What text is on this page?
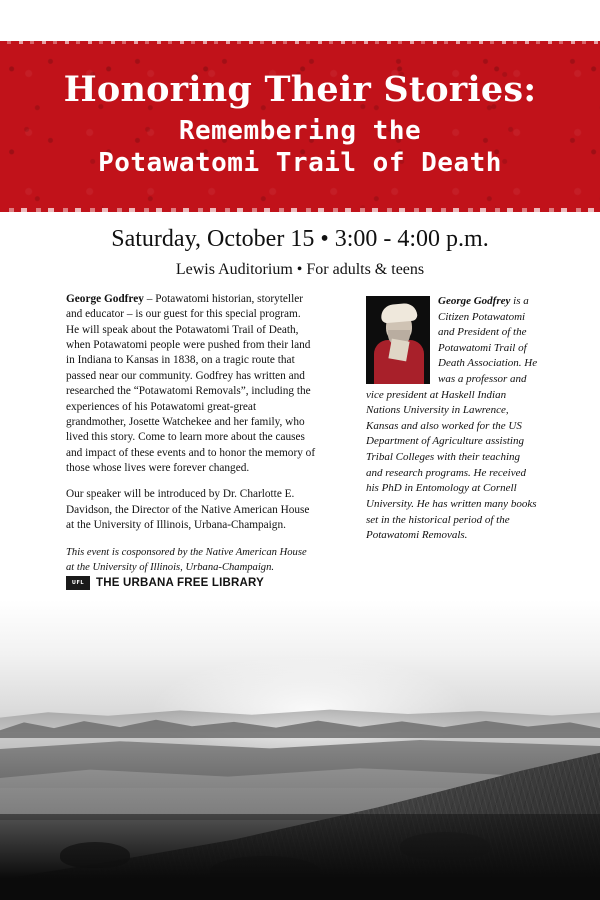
Honoring Their Stories:
Remembering the
Potawatomi Trail of Death
Saturday, October 15 • 3:00 - 4:00 p.m.
Lewis Auditorium • For adults & teens

George Godfrey – Potawatomi historian, storyteller and educator – is our guest for this special program. He will speak about the Potawatomi Trail of Death, when Potawatomi people were pushed from their land in Indiana to Kansas in 1838, on a tragic route that passed near our community. Godfrey has written and researched the “Potawatomi Removals”, including the experiences of his Potawatomi great-great grandmother, Josette Watchekee and her family, who lived this story. Come to learn more about the causes and impact of these events and to honor the memory of those whose lives were forever changed.

Our speaker will be introduced by Dr. Charlotte E. Davidson, the Director of the Native American House at the University of Illinois, Urbana-Champaign.

This event is cosponsored by the Native American House at the University of Illinois, Urbana-Champaign.

George Godfrey is a Citizen Potawatomi and President of the Potawatomi Trail of Death Association. He was a professor and vice president at Haskell Indian Nations University in Lawrence, Kansas and also worked for the US Department of Agriculture assisting Tribal Colleges with their teaching and research programs. He received his PhD in Entomology at Cornell University. He has written many books set in the historical period of the Potawatomi Removals.
UFL THE URBANA FREE LIBRARY
